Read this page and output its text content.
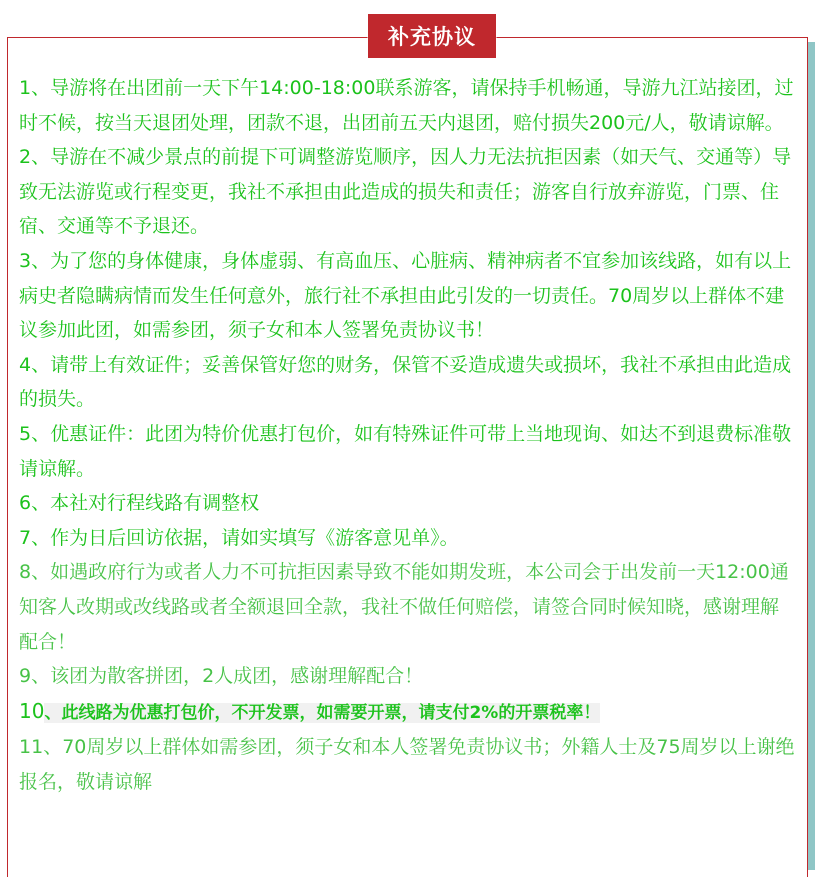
补充协议

1、导游将在出团前一天下午14:00-18:00联系游客，请保持手机畅通，导游九江站接团，过时不候，按当天退团处理，团款不退，出团前五天内退团，赔付损失200元/人，敬请谅解。

2、导游在不减少景点的前提下可调整游览顺序，因人力无法抗拒因素（如天气、交通等）导致无法游览或行程变更，我社不承担由此造成的损失和责任；游客自行放弃游览，门票、住宿、交通等不予退还。

3、为了您的身体健康，身体虚弱、有高血压、心脏病、精神病者不宜参加该线路，如有以上病史者隐瞒病情而发生任何意外，旅行社不承担由此引发的一切责任。70周岁以上群体不建议参加此团，如需参团，须子女和本人签署免责协议书！

4、请带上有效证件；妥善保管好您的财务，保管不妥造成遗失或损坏，我社不承担由此造成的损失。

5、优惠证件：此团为特价优惠打包价，如有特殊证件可带上当地现询、如达不到退费标准敬请谅解。

6、本社对行程线路有调整权

7、作为日后回访依据，请如实填写《游客意见单》。

8、如遇政府行为或者人力不可抗拒因素导致不能如期发班，本公司会于出发前一天12:00通知客人改期或改线路或者全额退回全款，我社不做任何赔偿，请签合同时候知晓，感谢理解配合！

9、该团为散客拼团，2人成团，感谢理解配合！

10、此线路为优惠打包价，不开发票，如需要开票，请支付2%的开票税率！

11、70周岁以上群体如需参团，须子女和本人签署免责协议书；外籍人士及75周岁以上谢绝报名，敬请谅解
